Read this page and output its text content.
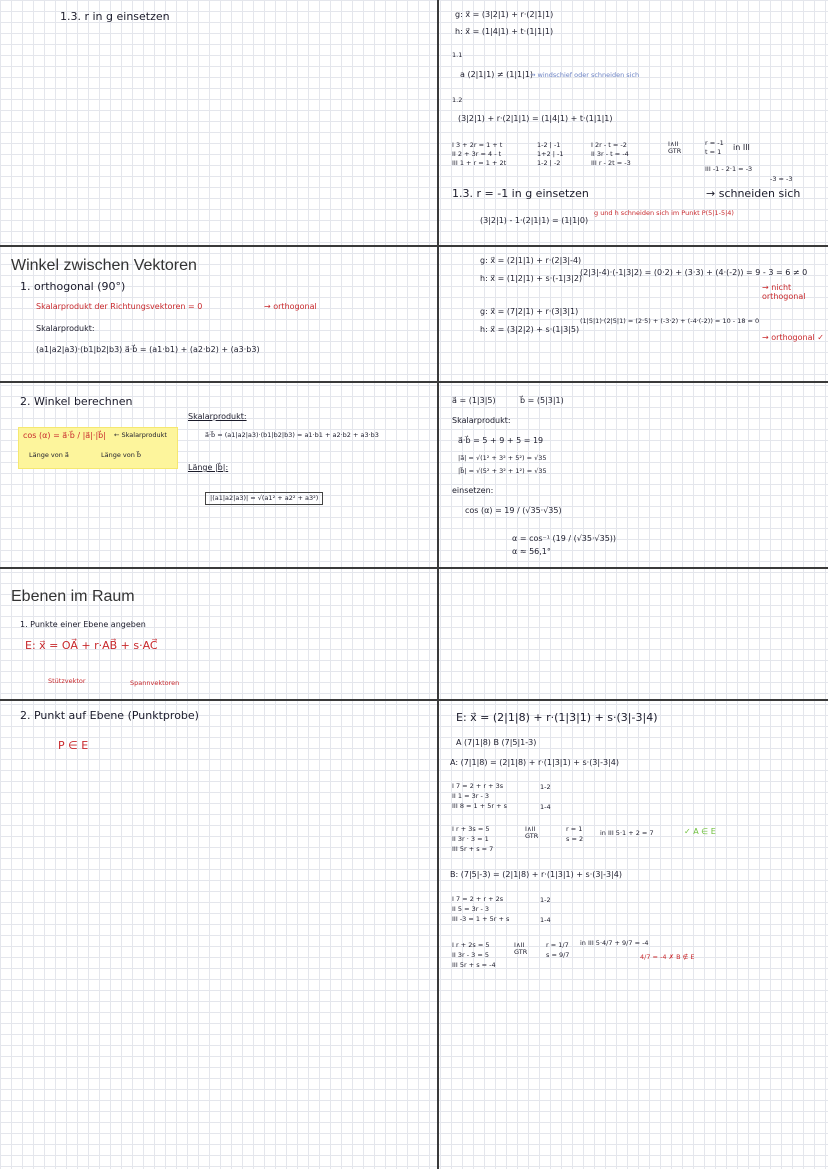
1.3. r in g einsetzen	g: x⃗ = (3|2|1) + r·(2|1|1)
h: x⃗ = (1|4|1) + t·(1|1|1)
1.1
a (2|1|1) ≠ (1|1|1)
→ windschief oder schneiden sich
1.2
(3|2|1) + r·(2|1|1) = (1|4|1) + t·(1|1|1)
I 3 + 2r = 1 + t
II 2 + 3r = 4 - t
III 1 + r = 1 + 2t
1-2 | -1
1+2 | -1
1-2 | -2
I 2r - t = -2
II 3r - t = -4
III r - 2t = -3
I∧II GTR
r = -1
t = 1 in III
III -1 - 2·1 = -3
-3 = -3
→ schneiden sich
1.3. r = -1 in g einsetzen
(3|2|1) - 1·(2|1|1) = (1|1|0)
g und h schneiden sich im Punkt P(5|1-5|4)
Winkel zwischen Vektoren
1. orthogonal (90°)
Skalarprodukt der Richtungsvektoren = 0	→ orthogonal
Skalarprodukt:
(a1|a2|a3)·(b1|b2|b3) a⃗·b⃗ = (a1·b1) + (a2·b2) + (a3·b3)
g: x⃗ = (2|1|1) + r·(2|3|-4)
h: x⃗ = (1|2|1) + s·(-1|3|2)
(2|3|-4)·(-1|3|2) = (0·2) + (3·3) + (4·(-2)) = 9 - 3 = 6 ≠ 0
→ nicht orthogonal
g: x⃗ = (7|2|1) + r·(3|3|1)
h: x⃗ = (3|2|2) + s·(1|3|5)
(1|5|1)·(2|5|1) = (2·5) + (-3·2) + (-4·(-2)) = 10 - 18 = 0
→ orthogonal ✓
2. Winkel berechnen
cos (α) = a⃗·b⃗ / |a⃗|·|b⃗|	← Skalarprodukt
Länge von a⃗	Länge von b⃗
Skalarprodukt:
a⃗·b⃗ = (a1|a2|a3)·(b1|b2|b3) = a1·b1 + a2·b2 + a3·b3
Länge |b⃗|:
|(a1|a2|a3)| = √(a1² + a2² + a3²)
a⃗ = (1|3|5)	b⃗ = (5|3|1)
Skalarprodukt:
a⃗·b⃗ = 5 + 9 + 5 = 19
|a⃗| = √(1² + 3² + 5²) = √35
|b⃗| = √(5² + 3² + 1²) = √35
einsetzen:
cos (α) = 19 / (√35·√35)
α = cos⁻¹ (19 / (√35·√35))
α ≈ 56,1°
Ebenen im Raum
1. Punkte einer Ebene angeben
E: x⃗ = OA⃗ + r·AB⃗ + s·AC⃗
Stützvektor	Spannvektoren
2. Punkt auf Ebene (Punktprobe)
P ∈ E
E: x⃗ = (2|1|8) + r·(1|3|1) + s·(3|-3|4)
A (7|1|8) B (7|5|1-3)
A: (7|1|8) = (2|1|8) + r·(1|3|1) + s·(3|-3|4)
I 7 = 2 + r + 3s
II 1 = 3r - 3
III 8 = 1 + 5r + s
1-2
1-4
I r + 3s = 5
II 3r · 3 = 1
III 5r + s = 7
I∧II GTR
r = 1
s = 2
in III 5·1 + 2 = 7	✓ A ∈ E
B: (7|5|-3) = (2|1|8) + r·(1|3|1) + s·(3|-3|4)
I 7 = 2 + r + 2s
II 5 = 3r - 3
III -3 = 1 + 5r + s
1-2
1-4
I r + 2s = 5
II 3r - 3 = 5
III 5r + s = -4
I∧II GTR
r = 1/7
s = 9/7
in III 5·4/7 + 9/7 = -4
4/7 = -4 ✗ B ∉ E
